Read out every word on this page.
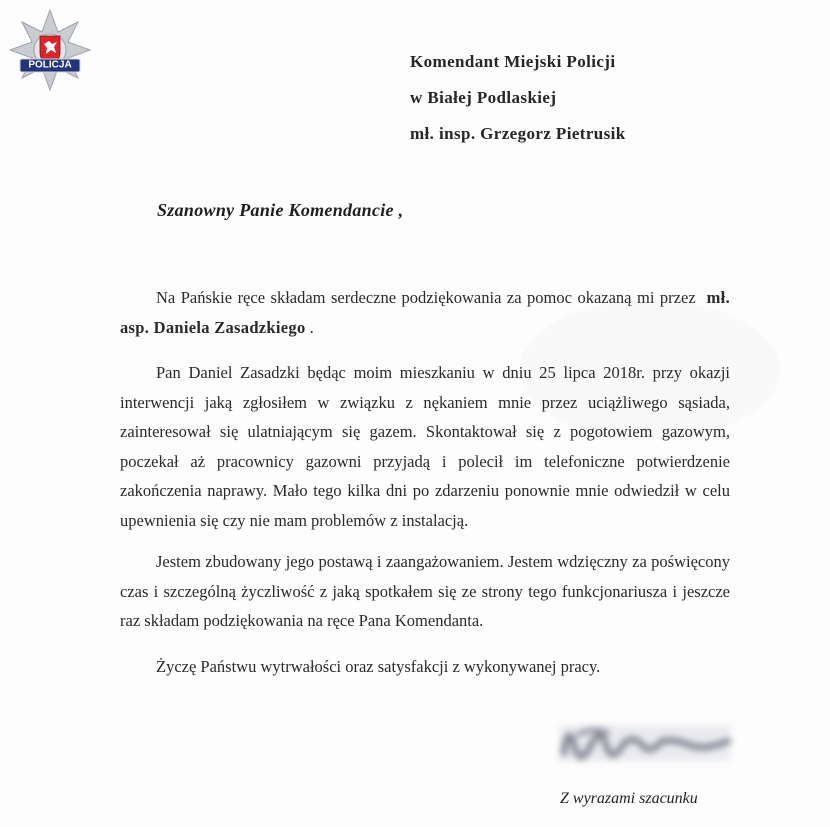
POLICJA	Komendant Miejski Policji
w Białej Podlaskiej
mł. insp. Grzegorz Pietrusik
Szanowny Panie Komendancie ,

Na Pańskie ręce składam serdeczne podziękowania za pomoc okazaną mi przez mł. asp. Daniela Zasadzkiego .

Pan Daniel Zasadzki będąc moim mieszkaniu w dniu 25 lipca 2018r. przy okazji interwencji jaką zgłosiłem w związku z nękaniem mnie przez uciążliwego sąsiada, zainteresował się ulatniającym się gazem. Skontaktował się z pogotowiem gazowym, poczekał aż pracownicy gazowni przyjadą i polecił im telefoniczne potwierdzenie zakończenia naprawy. Mało tego kilka dni po zdarzeniu ponownie mnie odwiedził w celu upewnienia się czy nie mam problemów z instalacją.

Jestem zbudowany jego postawą i zaangażowaniem. Jestem wdzięczny za poświęcony czas i szczególną życzliwość z jaką spotkałem się ze strony tego funkcjonariusza i jeszcze raz składam podziękowania na ręce Pana Komendanta.

Życzę Państwu wytrwałości oraz satysfakcji z wykonywanej pracy.

Z wyrazami szacunku
